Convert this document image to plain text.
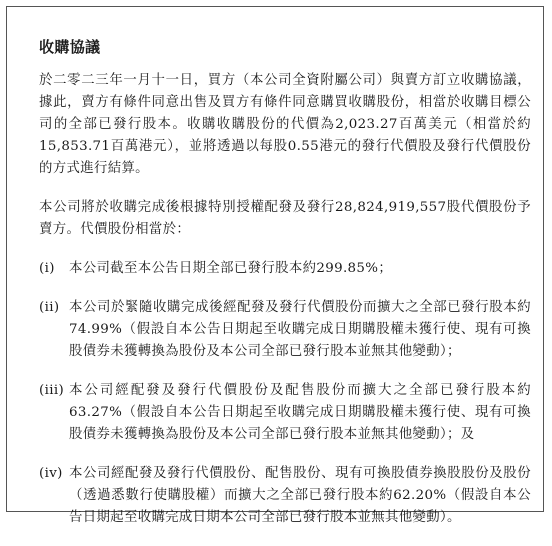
收購協議
於二零二三年一月十一日，買方（本公司全資附屬公司）與賣方訂立收購協議，據此，賣方有條件同意出售及買方有條件同意購買收購股份，相當於收購目標公司的全部已發行股本。收購收購股份的代價為2,023.27百萬美元（相當於約15,853.71百萬港元），並將透過以每股0.55港元的發行代價股及發行代價股份的方式進行結算。
本公司將於收購完成後根據特別授權配發及發行28,824,919,557股代價股份予賣方。代價股份相當於：
(i)	本公司截至本公告日期全部已發行股本約299.85%；
(ii) 本公司於緊隨收購完成後經配發及發行代價股份而擴大之全部已發行股本約74.99%（假設自本公告日期起至收購完成日期購股權未獲行使、現有可換股債券未獲轉換為股份及本公司全部已發行股本並無其他變動）；
(iii) 本公司經配發及發行代價股份及配售股份而擴大之全部已發行股本約63.27%（假設自本公告日期起至收購完成日期購股權未獲行使、現有可換股債券未獲轉換為股份及本公司全部已發行股本並無其他變動）；及
(iv) 本公司經配發及發行代價股份、配售股份、現有可換股債券換股股份及股份（透過悉數行使購股權）而擴大之全部已發行股本約62.20%（假設自本公告日期起至收購完成日期本公司全部已發行股本並無其他變動）。
